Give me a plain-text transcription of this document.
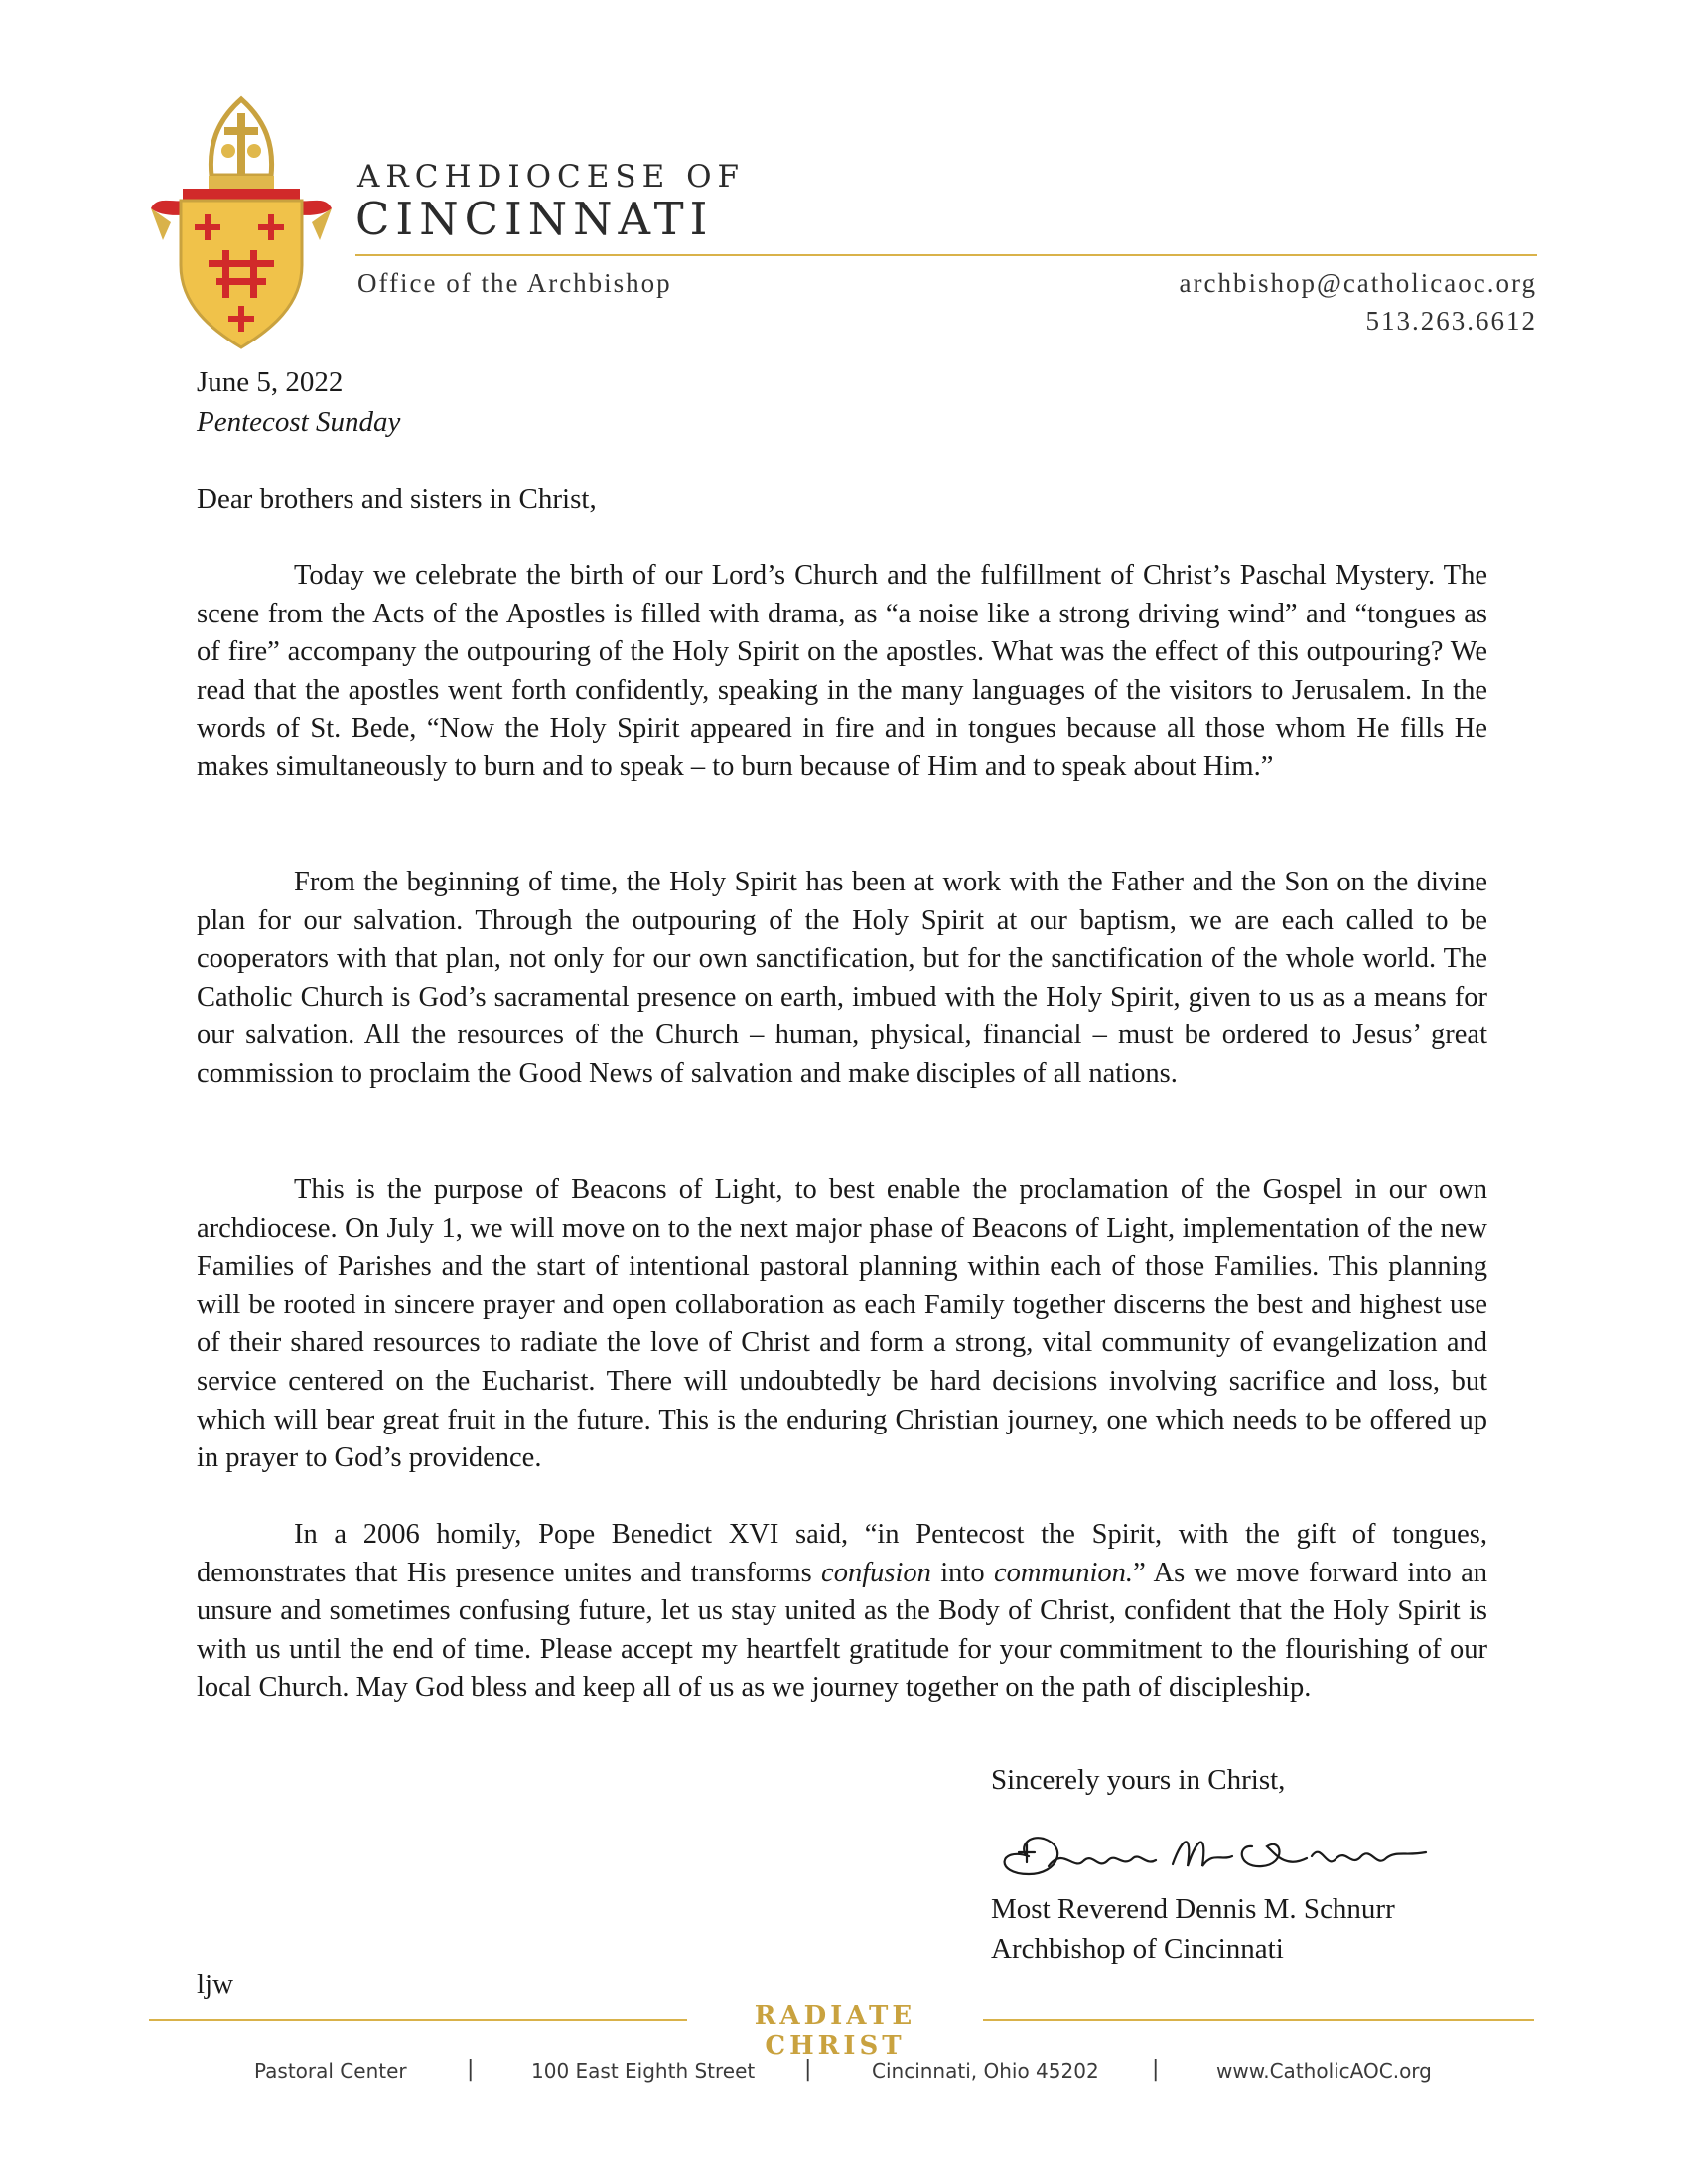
ARCHDIOCESE OF
CINCINNATI
Office of the Archbishop	archbishop@catholicaoc.org
513.263.6612
June 5, 2022
Pentecost Sunday
Dear brothers and sisters in Christ,

Today we celebrate the birth of our Lord’s Church and the fulfillment of Christ’s Paschal Mystery. The scene from the Acts of the Apostles is filled with drama, as “a noise like a strong driving wind” and “tongues as of fire” accompany the outpouring of the Holy Spirit on the apostles. What was the effect of this outpouring? We read that the apostles went forth confidently, speaking in the many languages of the visitors to Jerusalem. In the words of St. Bede, “Now the Holy Spirit appeared in fire and in tongues because all those whom He fills He makes simultaneously to burn and to speak – to burn because of Him and to speak about Him.”

From the beginning of time, the Holy Spirit has been at work with the Father and the Son on the divine plan for our salvation. Through the outpouring of the Holy Spirit at our baptism, we are each called to be cooperators with that plan, not only for our own sanctification, but for the sanctification of the whole world. The Catholic Church is God’s sacramental presence on earth, imbued with the Holy Spirit, given to us as a means for our salvation. All the resources of the Church – human, physical, financial – must be ordered to Jesus’ great commission to proclaim the Good News of salvation and make disciples of all nations.

This is the purpose of Beacons of Light, to best enable the proclamation of the Gospel in our own archdiocese. On July 1, we will move on to the next major phase of Beacons of Light, implementation of the new Families of Parishes and the start of intentional pastoral planning within each of those Families. This planning will be rooted in sincere prayer and open collaboration as each Family together discerns the best and highest use of their shared resources to radiate the love of Christ and form a strong, vital community of evangelization and service centered on the Eucharist. There will undoubtedly be hard decisions involving sacrifice and loss, but which will bear great fruit in the future. This is the enduring Christian journey, one which needs to be offered up in prayer to God’s providence.

In a 2006 homily, Pope Benedict XVI said, “in Pentecost the Spirit, with the gift of tongues, demonstrates that His presence unites and transforms confusion into communion.” As we move forward into an unsure and sometimes confusing future, let us stay united as the Body of Christ, confident that the Holy Spirit is with us until the end of time. Please accept my heartfelt gratitude for your commitment to the flourishing of our local Church. May God bless and keep all of us as we journey together on the path of discipleship.

Sincerely yours in Christ,
Most Reverend Dennis M. Schnurr
Archbishop of Cincinnati
ljw
RADIATE CHRIST
Pastoral Center	|	100 East Eighth Street |	Cincinnati, Ohio 45202 |	www.CatholicAOC.org
